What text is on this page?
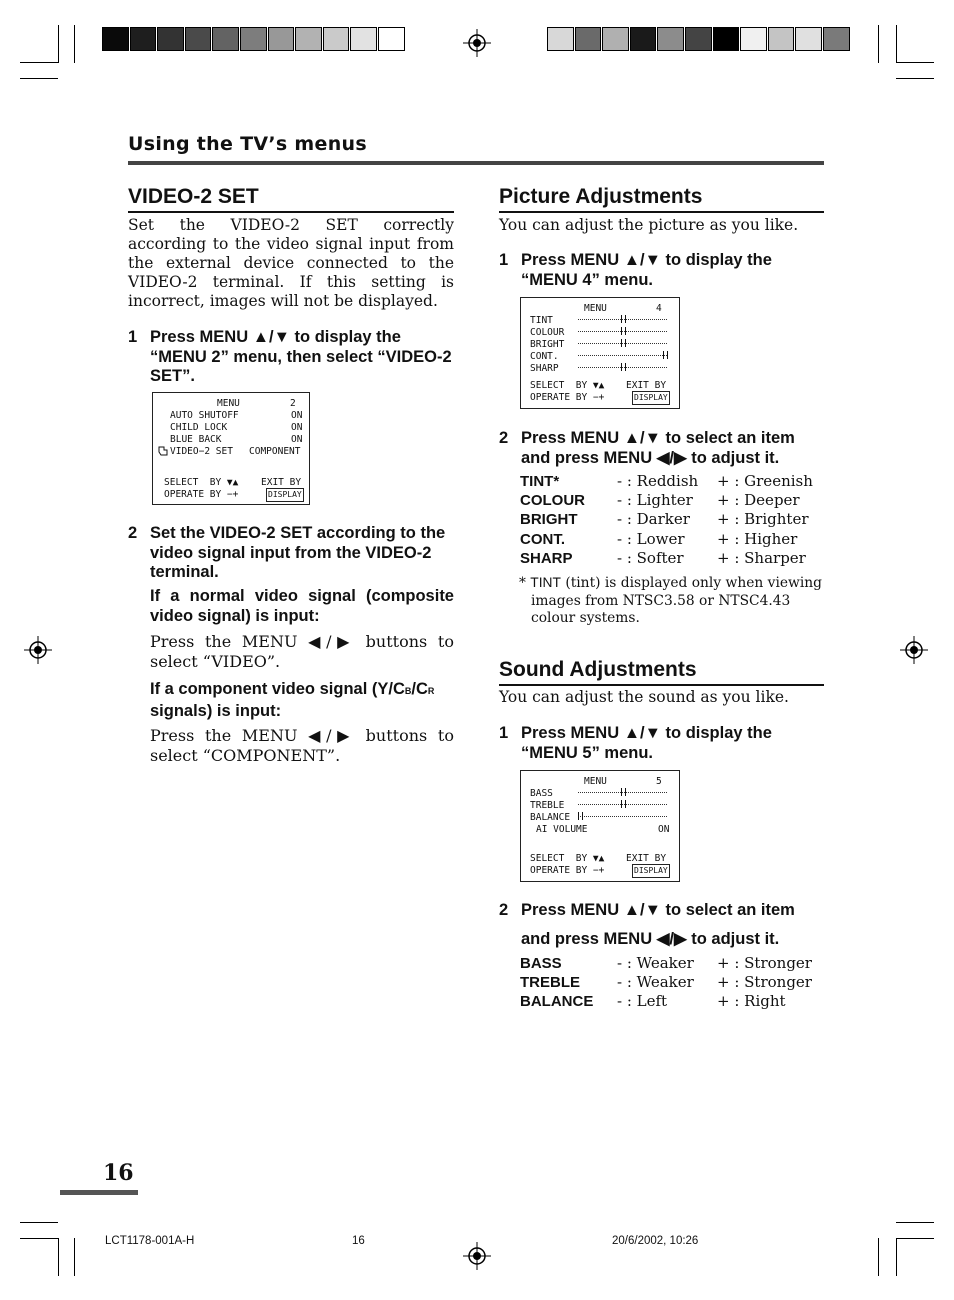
Using the TV’s menus
VIDEO-2 SET
Set the VIDEO-2 SET correctly according to the video signal input from the external device connected to the VIDEO-2 terminal. If this setting is incorrect, images will not be displayed.
1 Press MENU ▲/▼ to display the “MENU 2” menu, then select “VIDEO-2 SET”.
MENU	2
AUTO SHUTOFF	ON
CHILD LOCK	ON
BLUE BACK	ON
VIDEO−2 SET COMPONENT
SELECT  BY ▼▲ EXIT BY
OPERATE BY −+	DISPLAY
2 Set the VIDEO-2 SET according to the video signal input from the VIDEO-2 terminal.
If a normal video signal (composite video signal) is input:
Press the MENU ◀/▶ buttons to select “VIDEO”.
If a component video signal (Y/CB/CR
signals) is input:
Press the MENU ◀/▶ buttons to select “COMPONENT”.
Picture Adjustments
You can adjust the picture as you like.
1 Press MENU ▲/▼ to display the “MENU 4” menu.
MENU	4
TINT
COLOUR
BRIGHT
CONT.
SHARP
SELECT  BY ▼▲ EXIT BY
OPERATE BY −+	DISPLAY
2 Press MENU ▲/▼ to select an item and press MENU ◀/▶ to adjust it.
TINT*	- : Reddish + : Greenish
COLOUR - : Lighter + : Deeper
BRIGHT	- : Darker + : Brighter
CONT.	- : Lower + : Higher
SHARP	- : Softer + : Sharper
* TINT (tint) is displayed only when viewing images from NTSC3.58 or NTSC4.43 colour systems.
Sound Adjustments
You can adjust the sound as you like.
1 Press MENU ▲/▼ to display the “MENU 5” menu.
MENU	5
BASS
TREBLE
BALANCE
AI VOLUME	ON
SELECT  BY ▼▲ EXIT BY
OPERATE BY −+	DISPLAY
2 Press MENU ▲/▼ to select an item
and press MENU ◀/▶ to adjust it.
BASS	- : Weaker + : Stronger
TREBLE - : Weaker + : Stronger
BALANCE - : Left	+ : Right
16
LCT1178-001A-H	16	20/6/2002, 10:26
